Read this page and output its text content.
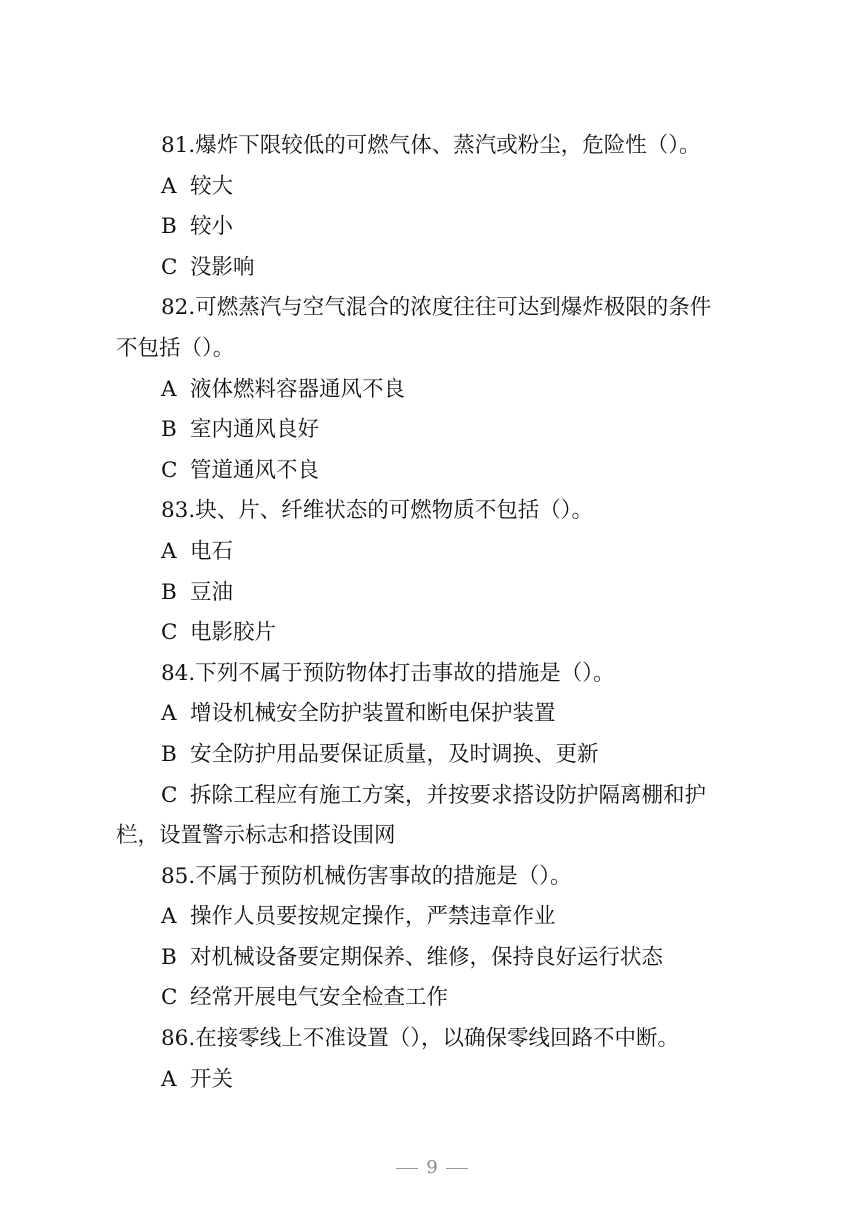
81.爆炸下限较低的可燃气体、蒸汽或粉尘，危险性（）。
A 较大
B 较小
C 没影响
82.可燃蒸汽与空气混合的浓度往往可达到爆炸极限的条件
不包括（）。
A 液体燃料容器通风不良
B 室内通风良好
C 管道通风不良
83.块、片、纤维状态的可燃物质不包括（）。
A 电石
B 豆油
C 电影胶片
84.下列不属于预防物体打击事故的措施是（）。
A 增设机械安全防护装置和断电保护装置
B 安全防护用品要保证质量，及时调换、更新
C 拆除工程应有施工方案，并按要求搭设防护隔离棚和护
栏，设置警示标志和搭设围网
85.不属于预防机械伤害事故的措施是（）。
A 操作人员要按规定操作，严禁违章作业
B 对机械设备要定期保养、维修，保持良好运行状态
C 经常开展电气安全检查工作
86.在接零线上不准设置（），以确保零线回路不中断。
A 开关
9
